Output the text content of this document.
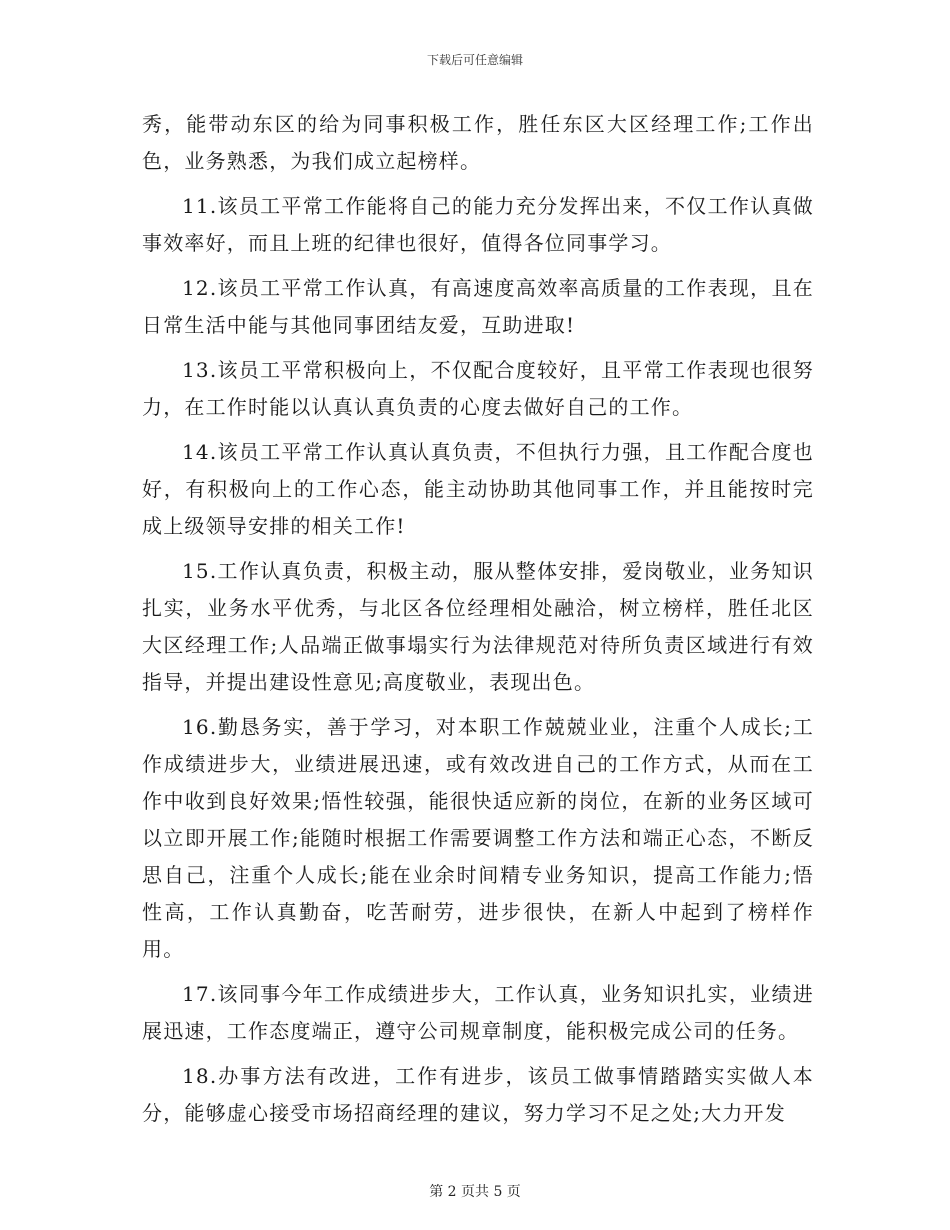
下载后可任意编辑

秀，能带动东区的给为同事积极工作，胜任东区大区经理工作;工作出色，业务熟悉，为我们成立起榜样。

11.该员工平常工作能将自己的能力充分发挥出来，不仅工作认真做事效率好，而且上班的纪律也很好，值得各位同事学习。

12.该员工平常工作认真，有高速度高效率高质量的工作表现，且在日常生活中能与其他同事团结友爱，互助进取!

13.该员工平常积极向上，不仅配合度较好，且平常工作表现也很努力，在工作时能以认真认真负责的心度去做好自己的工作。

14.该员工平常工作认真认真负责，不但执行力强，且工作配合度也好，有积极向上的工作心态，能主动协助其他同事工作，并且能按时完成上级领导安排的相关工作!

15.工作认真负责，积极主动，服从整体安排，爱岗敬业，业务知识扎实，业务水平优秀，与北区各位经理相处融洽，树立榜样，胜任北区大区经理工作;人品端正做事塌实行为法律规范对待所负责区域进行有效指导，并提出建设性意见;高度敬业，表现出色。

16.勤恳务实，善于学习，对本职工作兢兢业业，注重个人成长;工作成绩进步大，业绩进展迅速，或有效改进自己的工作方式，从而在工作中收到良好效果;悟性较强，能很快适应新的岗位，在新的业务区域可以立即开展工作;能随时根据工作需要调整工作方法和端正心态，不断反思自己，注重个人成长;能在业余时间精专业务知识，提高工作能力;悟性高，工作认真勤奋，吃苦耐劳，进步很快，在新人中起到了榜样作用。

17.该同事今年工作成绩进步大，工作认真，业务知识扎实，业绩进展迅速，工作态度端正，遵守公司规章制度，能积极完成公司的任务。

18.办事方法有改进，工作有进步，该员工做事情踏踏实实做人本分，能够虚心接受市场招商经理的建议，努力学习不足之处;大力开发

第 2 页共 5 页
